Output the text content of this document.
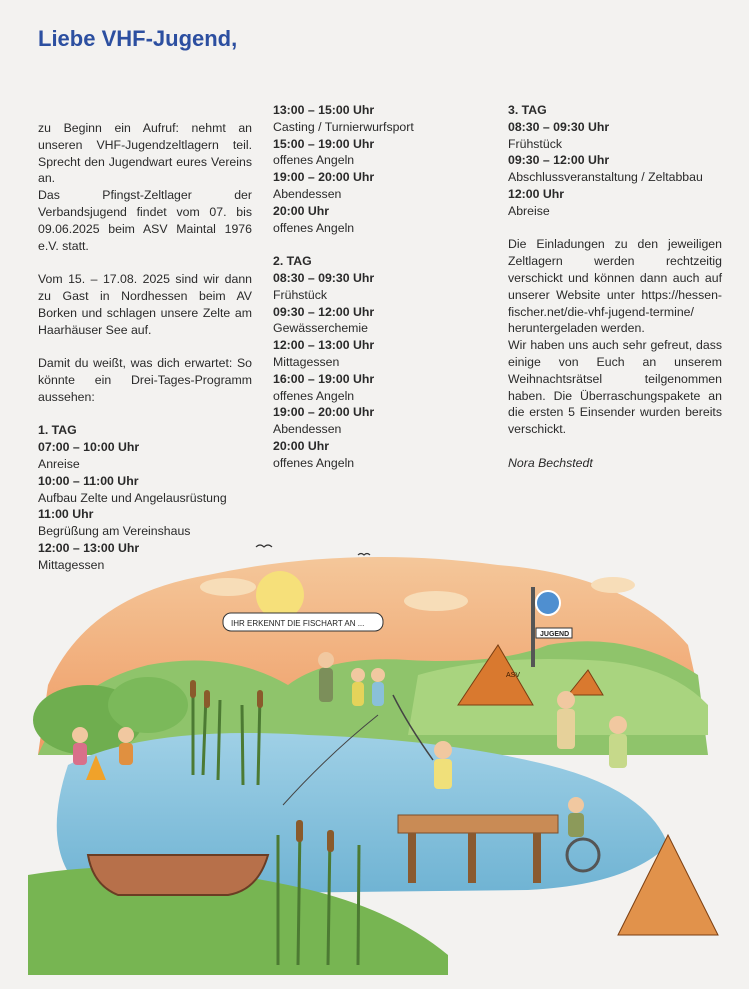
Liebe VHF-Jugend,

zu Beginn ein Aufruf: nehmt an unseren VHF-Jugendzeltlagern teil. Sprecht den Jugendwart eures Vereins an.

Das Pfingst-Zeltlager der Verbandsjugend findet vom 07. bis 09.06.2025 beim ASV Maintal 1976 e.V. statt.

Vom 15. – 17.08. 2025 sind wir dann zu Gast in Nordhessen beim AV Borken und schlagen unsere Zelte am Haarhäuser See auf.

Damit du weißt, was dich erwartet: So könnte ein Drei-Tages-Programm aussehen:

1. TAG

07:00 – 10:00 Uhr

Anreise

10:00 – 11:00 Uhr

Aufbau Zelte und Angelausrüstung

11:00 Uhr

Begrüßung am Vereinshaus

12:00 – 13:00 Uhr

Mittagessen

13:00 – 15:00 Uhr

Casting / Turnierwurfsport

15:00 – 19:00 Uhr

offenes Angeln

19:00 – 20:00 Uhr

Abendessen

20:00 Uhr

offenes Angeln

2. TAG

08:30 – 09:30 Uhr

Frühstück

09:30 – 12:00 Uhr

Gewässerchemie

12:00 – 13:00 Uhr

Mittagessen

16:00 – 19:00 Uhr

offenes Angeln

19:00 – 20:00 Uhr

Abendessen

20:00 Uhr

offenes Angeln

3. TAG

08:30 – 09:30 Uhr

Frühstück

09:30 – 12:00 Uhr

Abschlussveranstaltung / Zeltabbau

12:00 Uhr

Abreise

Die Einladungen zu den jeweiligen Zeltlagern werden rechtzeitig verschickt und können dann auch auf unserer Website unter https://hessen-fischer.net/die-vhf-jugend-termine/ heruntergeladen werden.

Wir haben uns auch sehr gefreut, dass einige von Euch an unserem Weihnachtsrätsel teilgenommen haben. Die Überraschungspakete an die ersten 5 Einsender wurden bereits verschickt.

Nora Bechstedt

ASV
JUGEND
IHR ERKENNT DIE FISCHART AN ...
